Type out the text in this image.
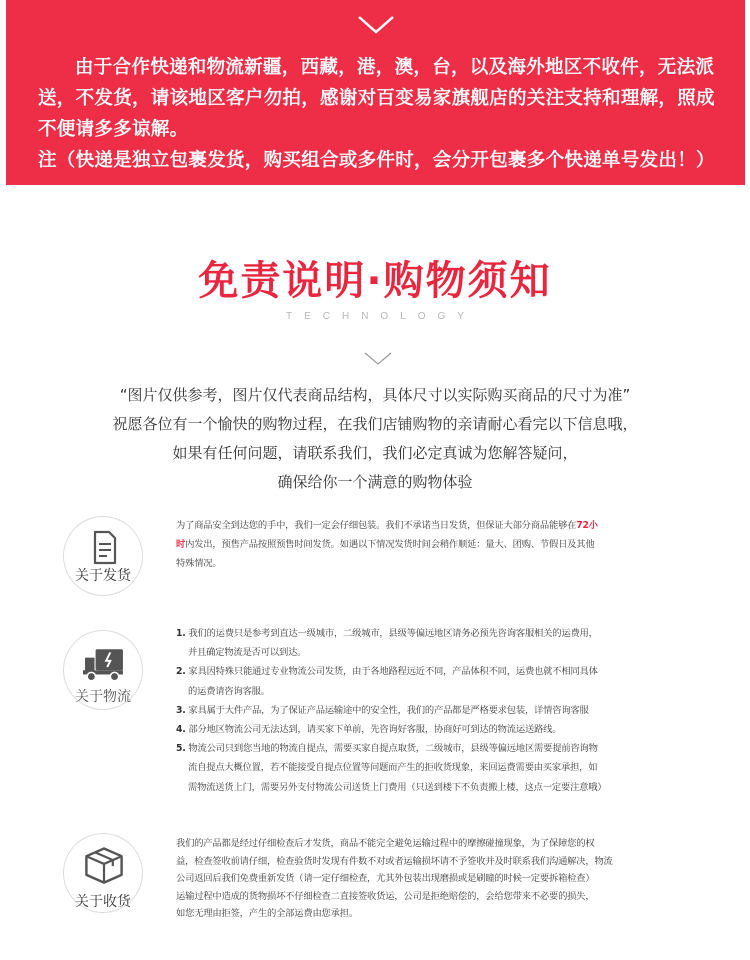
由于合作快递和物流新疆，西藏，港，澳，台，以及海外地区不收件，无法派送，不发货，请该地区客户勿拍，感谢对百变易家旗舰店的关注支持和理解，照成不便请多多谅解。

注（快递是独立包裹发货，购买组合或多件时，会分开包裹多个快递单号发出！）

免责说明·购物须知
TECHNOLOGY
“图片仅供参考，图片仅代表商品结构，具体尺寸以实际购买商品的尺寸为准”
祝愿各位有一个愉快的购物过程，在我们店铺购物的亲请耐心看完以下信息哦，
如果有任何问题，请联系我们，我们必定真诚为您解答疑问，
确保给你一个满意的购物体验
关于发货
为了商品安全到达您的手中，我们一定会仔细包装。我们不承诺当日发货，但保证大部分商品能够在72小
时内发出，预售产品按照预售时间发货。如遇以下情况发货时间会稍作顺延：量大、团购、节假日及其他
特殊情况。
关于物流
1. 我们的运费只是参考到直达一级城市，二级城市，县级等偏远地区请务必预先咨询客服相关的运费用，
并且确定物流是否可以到达。
2. 家具因特殊只能通过专业物流公司发货，由于各地路程远近不同，产品体积不同，运费也就不相同具体
的运费请咨询客服。
3. 家具属于大件产品，为了保证产品运输途中的安全性，我们的产品都是严格要求包装，详情咨询客服
4. 部分地区物流公司无法达到，请买家下单前，先咨询好客服，协商好可到达的物流运送路线。
5. 物流公司只到您当地的物流自提点，需要买家自提点取货，二级城市，县级等偏远地区需要提前咨询物
流自提点大概位置，若不能接受自提点位置等问题而产生的拒收货现象，来回运费需要由买家承担，如
需物流送货上门，需要另外支付物流公司送货上门费用（只送到楼下不负责搬上楼，这点一定要注意哦）
关于收货
我们的产品都是经过仔细检查后才发货，商品不能完全避免运输过程中的摩擦碰撞现象，为了保障您的权
益，检查签收前请仔细，检查验货时发现有件数不对或者运输损坏请不予签收并及时联系我们沟通解决，物流
公司返回后我们免费重新发货（请一定仔细检查，尤其外包装出现磨损或是刷瞳的时候一定要拆箱检查）
运输过程中造成的货物损坏不仔细检查二直接签收货运，公司是拒绝赔偿的，会给您带来不必要的损失，
如您无理由拒签，产生的全部运费由您承担。
